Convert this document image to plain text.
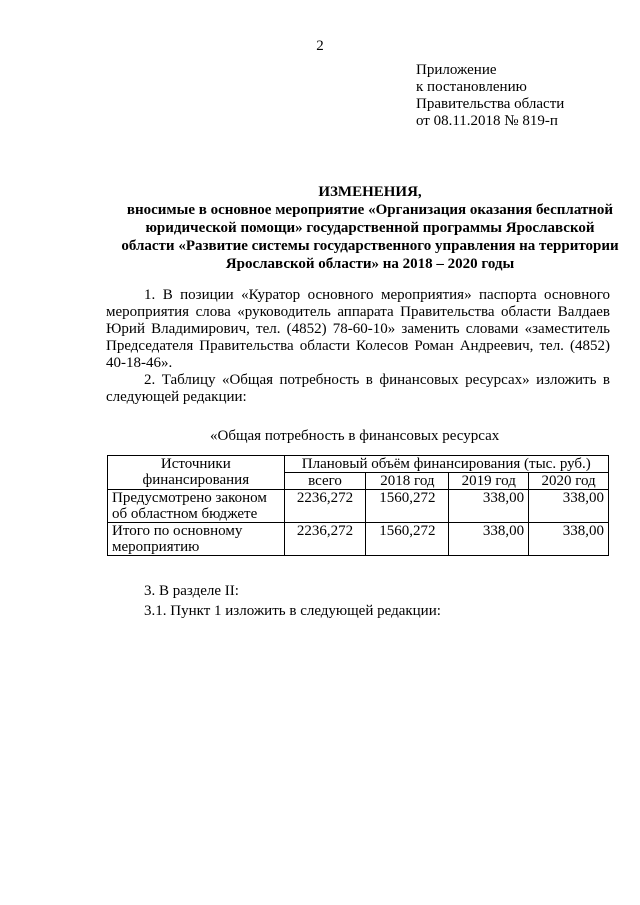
2
Приложение
к постановлению
Правительства области
от 08.11.2018 № 819-п
ИЗМЕНЕНИЯ,
вносимые в основное мероприятие «Организация оказания бесплатной
юридической помощи» государственной программы Ярославской
области «Развитие системы государственного управления на территории
Ярославской области» на 2018 – 2020 годы

1. В позиции «Куратор основного мероприятия» паспорта основного мероприятия слова «руководитель аппарата Правительства области Валдаев Юрий Владимирович, тел. (4852) 78-60-10» заменить словами «заместитель Председателя Правительства области Колесов Роман Андреевич, тел. (4852) 40-18-46».

2. Таблицу «Общая потребность в финансовых ресурсах» изложить в следующей редакции:

«Общая потребность в финансовых ресурсах
Источники финансирования	Плановый объём финансирования (тыс. руб.)			
	всего	2018 год	2019 год	2020 год
Предусмотрено законом об областном бюджете	2236,272	1560,272	338,00	338,00
Итого по основному мероприятию	2236,272	1560,272	338,00	338,00
3. В разделе II:
3.1. Пункт 1 изложить в следующей редакции:
